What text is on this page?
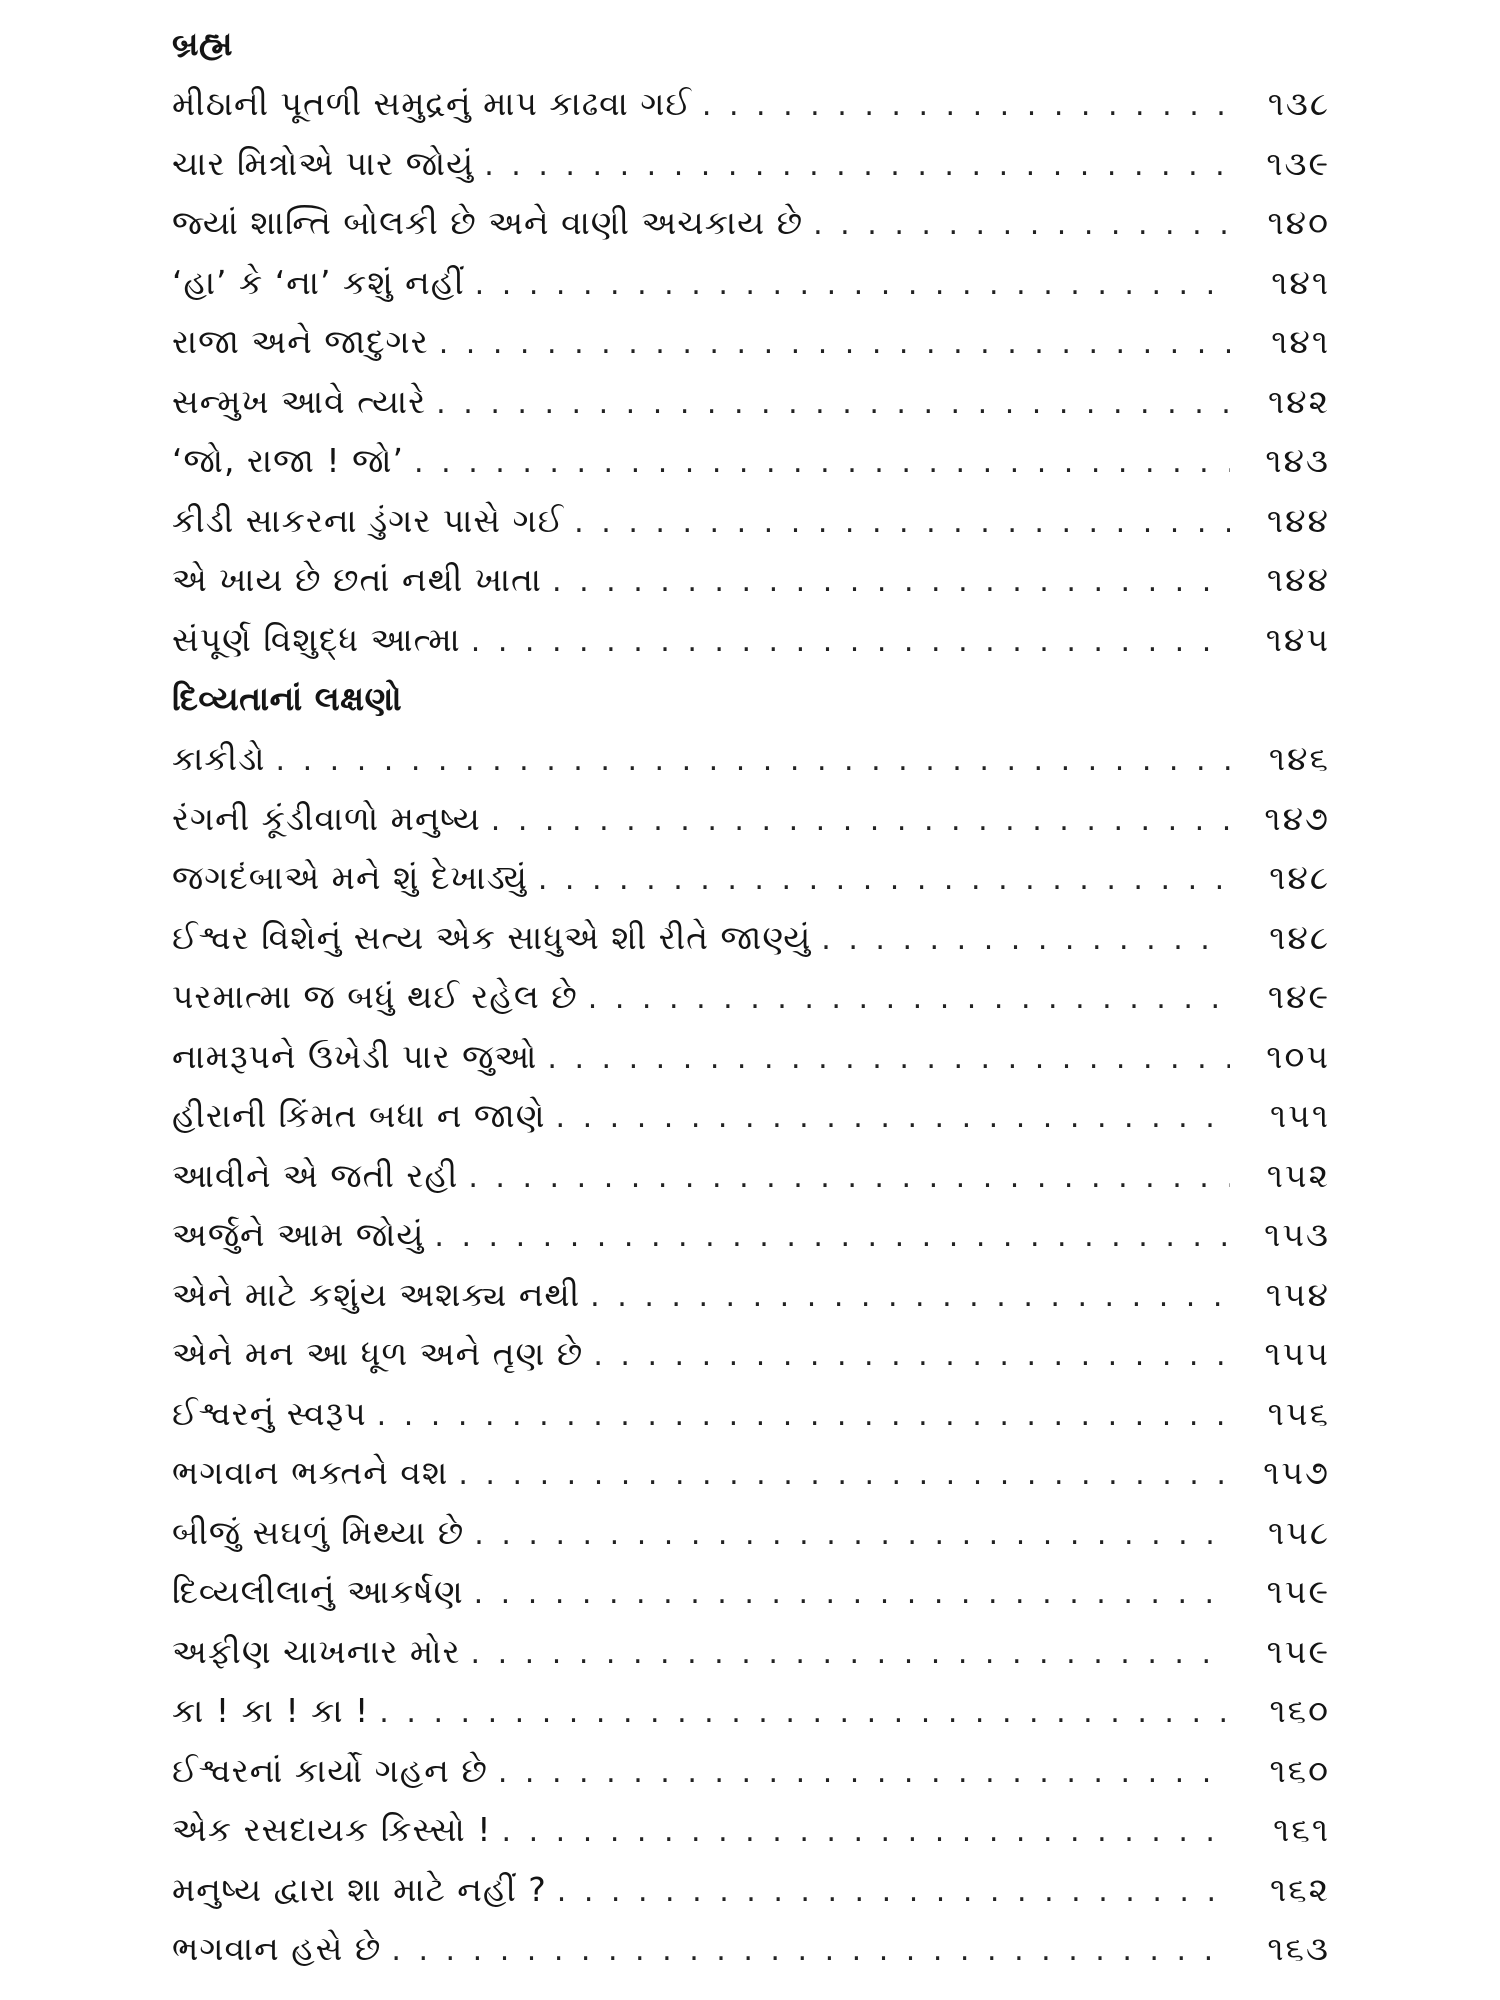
બ્રહ્મ
મીઠાની પૂતળી સમુદ્રનું માપ કાઢવા ગઈ . . .	૧૩૮
ચાર મિત્રોએ પાર જોયું . . .	૧૩૯
જ્યાં શાન્તિ બોલકી છે અને વાણી અચકાય છે . . .	૧૪૦
‘હા’ કે ‘ના’ કશું નહીં . . .	૧૪૧
રાજા અને જાદુગર . . .	૧૪૧
સન્મુખ આવે ત્યારે . . .	૧૪૨
‘જો, રાજા ! જો’ . . .	૧૪૩
કીડી સાકરના ડુંગર પાસે ગઈ . . .	૧૪૪
એ ખાય છે છતાં નથી ખાતા . . .	૧૪૪
સંપૂર્ણ વિશુદ્ધ આત્મા . . .	૧૪૫
દિવ્યતાનાં લક્ષણો
કાકીડો . . .	૧૪૬
રંગની કૂંડીવાળો મનુષ્ય . . .	૧૪૭
જગદંબાએ મને શું દેખાડ્યું . . .	૧૪૮
ઈશ્વર વિશેનું સત્ય એક સાધુએ શી રીતે જાણ્યું . . .	૧૪૮
પરમાત્મા જ બધું થઈ રહેલ છે . . .	૧૪૯
નામરૂપને ઉખેડી પાર જુઓ . . .	૧૦૫
હીરાની કિંમત બધા ન જાણે . . .	૧૫૧
આવીને એ જતી રહી . . .	૧૫૨
અર્જુને આમ જોયું . . .	૧૫૩
એને માટે કશુંય અશક્ય નથી . . .	૧૫૪
એને મન આ ધૂળ અને તૃણ છે . . .	૧૫૫
ઈશ્વરનું સ્વરૂપ . . .	૧૫૬
ભગવાન ભક્તને વશ . . .	૧૫૭
બીજું સઘળું મિથ્યા છે . . .	૧૫૮
દિવ્યલીલાનું આકર્ષણ . . .	૧૫૯
અફીણ ચાખનાર મોર . . .	૧૫૯
કા ! કા ! કા ! . . .	૧૬૦
ઈશ્વરનાં કાર્યો ગહન છે . . .	૧૬૦
એક રસદાયક કિસ્સો ! . . .	૧૬૧
મનુષ્ય દ્વારા શા માટે નહીં ? . . .	૧૬૨
ભગવાન હસે છે . . .	૧૬૩
